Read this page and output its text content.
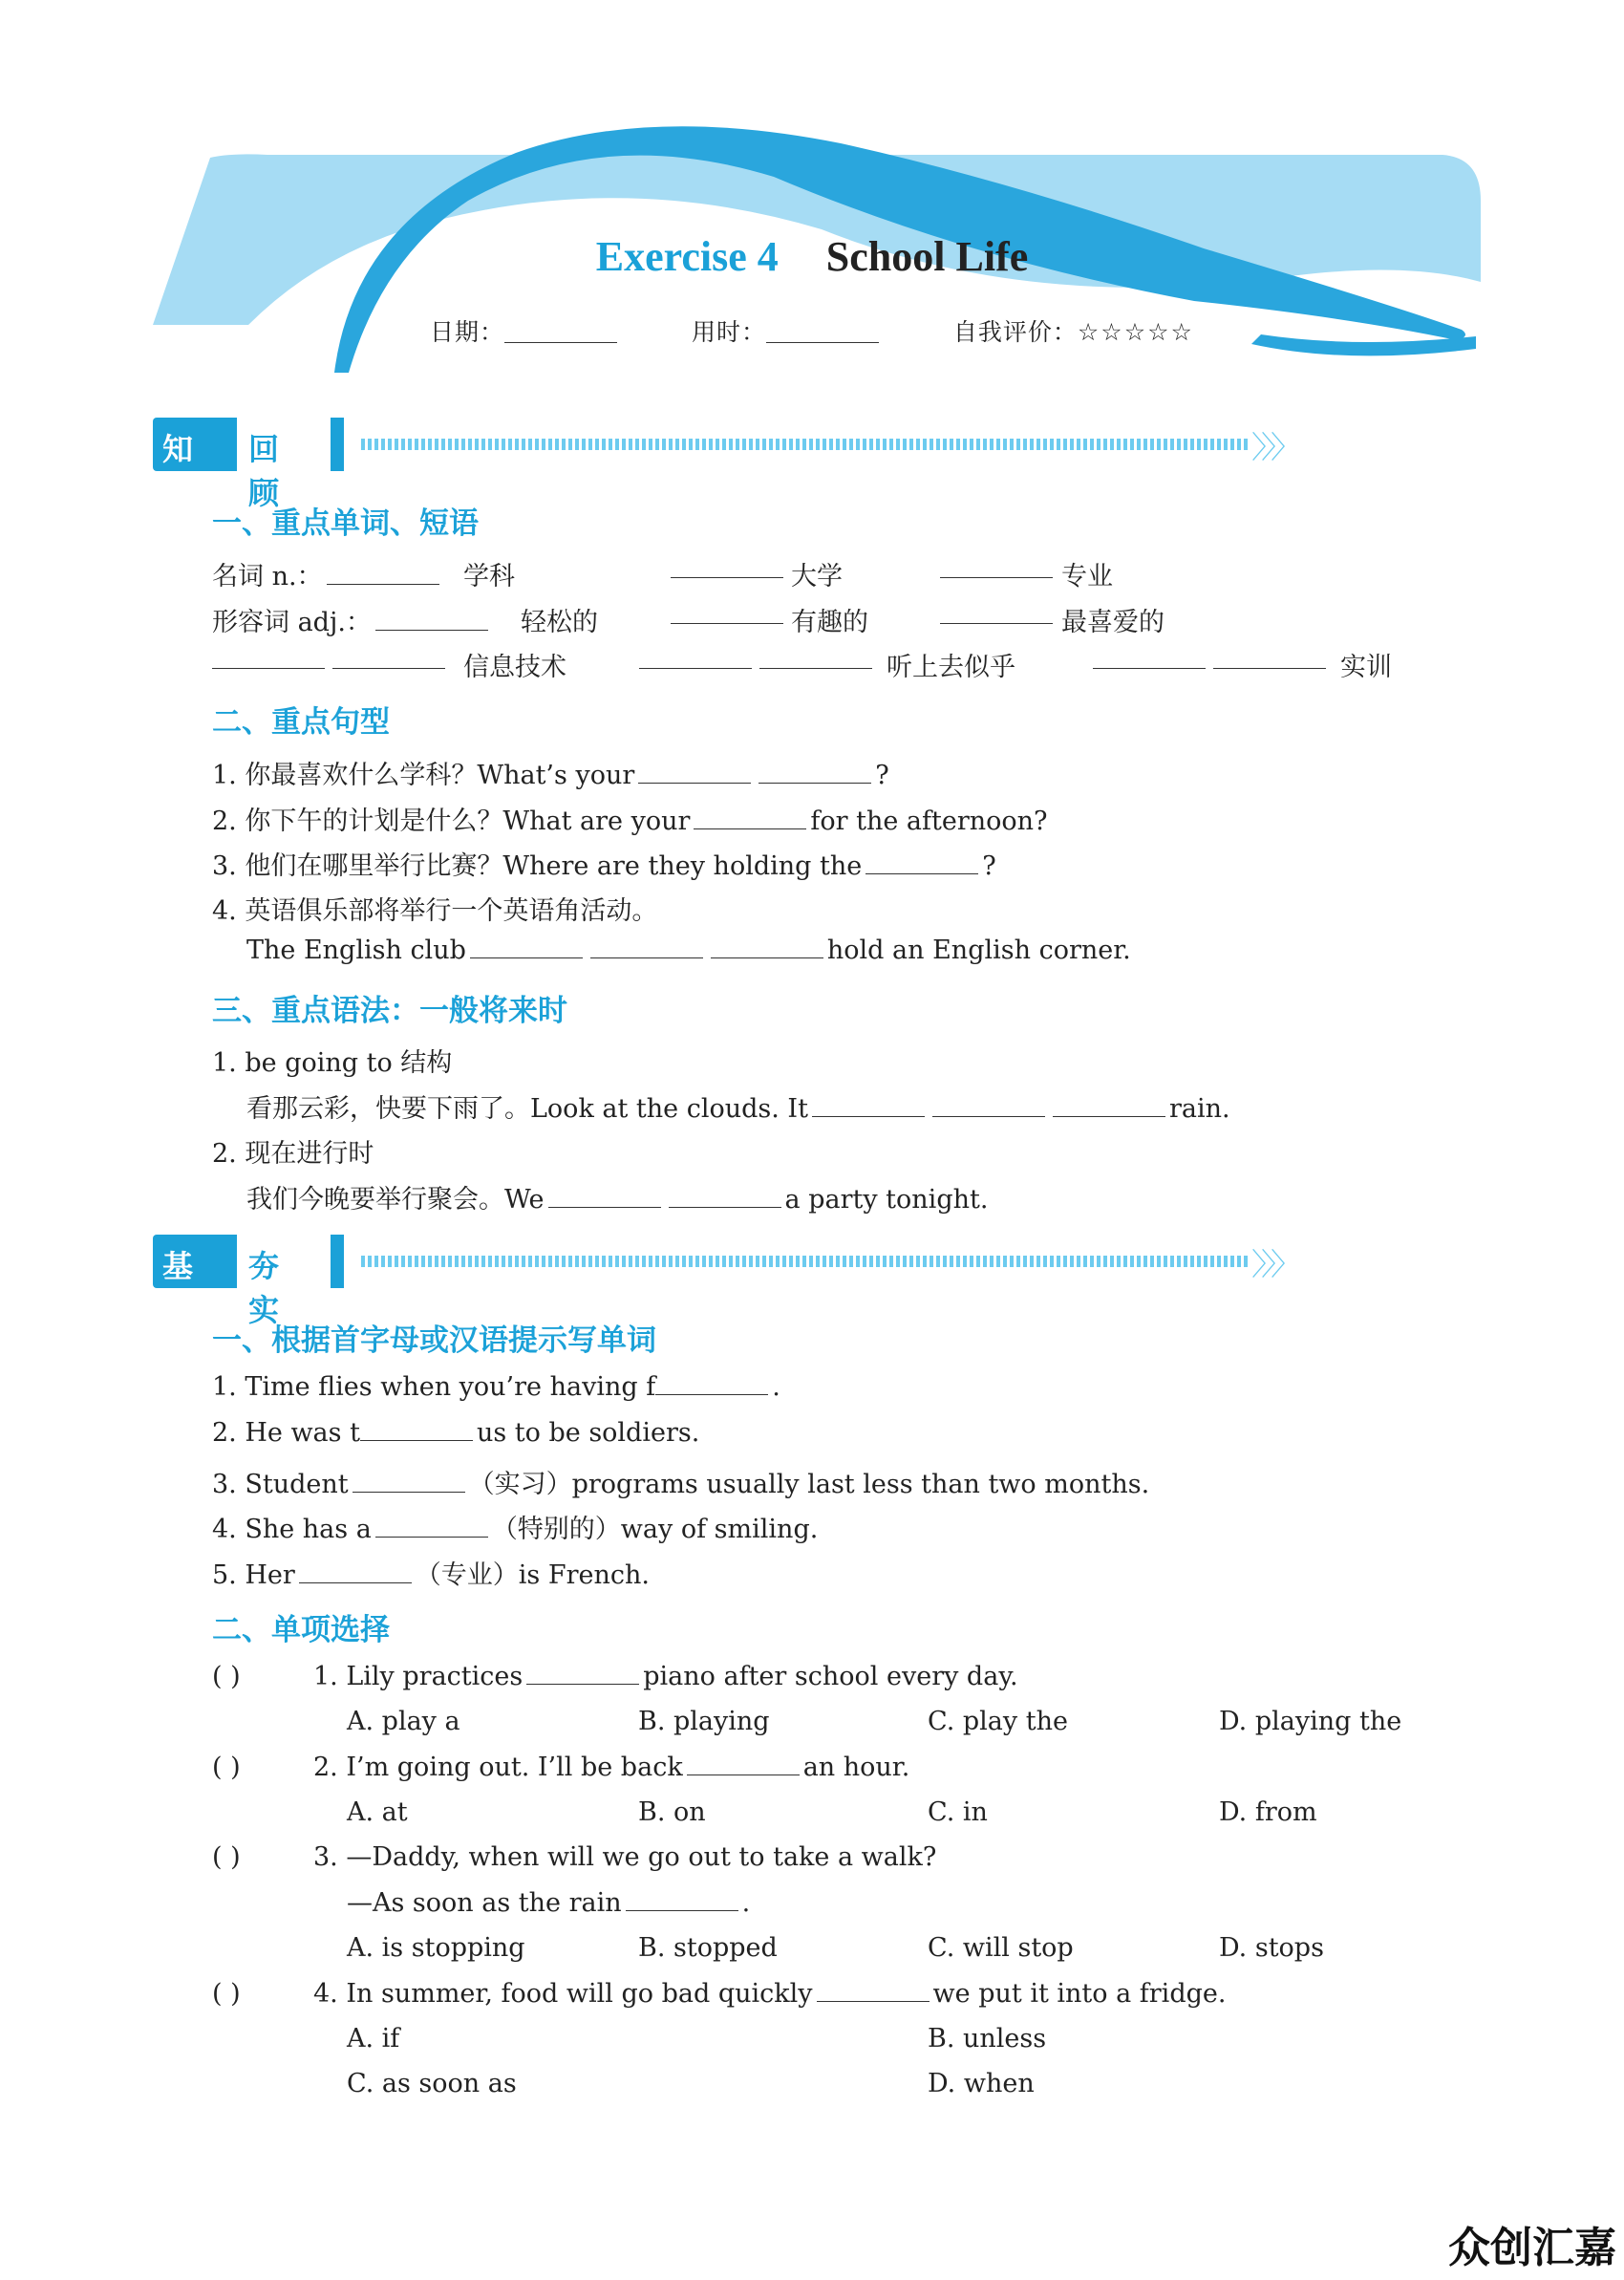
Exercise 4 School Life
日期：	用时：	自我评价：☆☆☆☆☆
知识
回顾
〉〉〉
一、重点单词、短语
名词 n.：	学科	大学	专业
形容词 adj.：	轻松的	有趣的	最喜爱的
信息技术	听上去似乎	实训
二、重点句型
1. 你最喜欢什么学科？What’s your	?
2. 你下午的计划是什么？What are your	for the afternoon?
3. 他们在哪里举行比赛？Where are they holding the	?
4. 英语俱乐部将举行一个英语角活动。
The English club	hold an English corner.
三、重点语法：一般将来时
1. be going to 结构
看那云彩，快要下雨了。Look at the clouds. It	rain.
2. 现在进行时
我们今晚要举行聚会。We	a party tonight.
基础
夯实
〉〉〉
一、根据首字母或汉语提示写单词
1. Time flies when you’re having f	.
2. He was t	us to be soldiers.
3. Student	（实习）programs usually last less than two months.
4. She has a	（特别的）way of smiling.
5. Her	（专业）is French.
二、单项选择
( )	1. Lily practices	piano after school every day.
A. play a	B. playing	C. play the	D. playing the
( )	2. I’m going out. I’ll be back	an hour.
A. at	B. on	C. in	D. from
( )	3. —Daddy, when will we go out to take a walk?
—As soon as the rain	.
A. is stopping	B. stopped	C. will stop	D. stops
( )	4. In summer, food will go bad quickly	we put it into a fridge.
A. if	B. unless
C. as soon as	D. when
众创汇嘉
